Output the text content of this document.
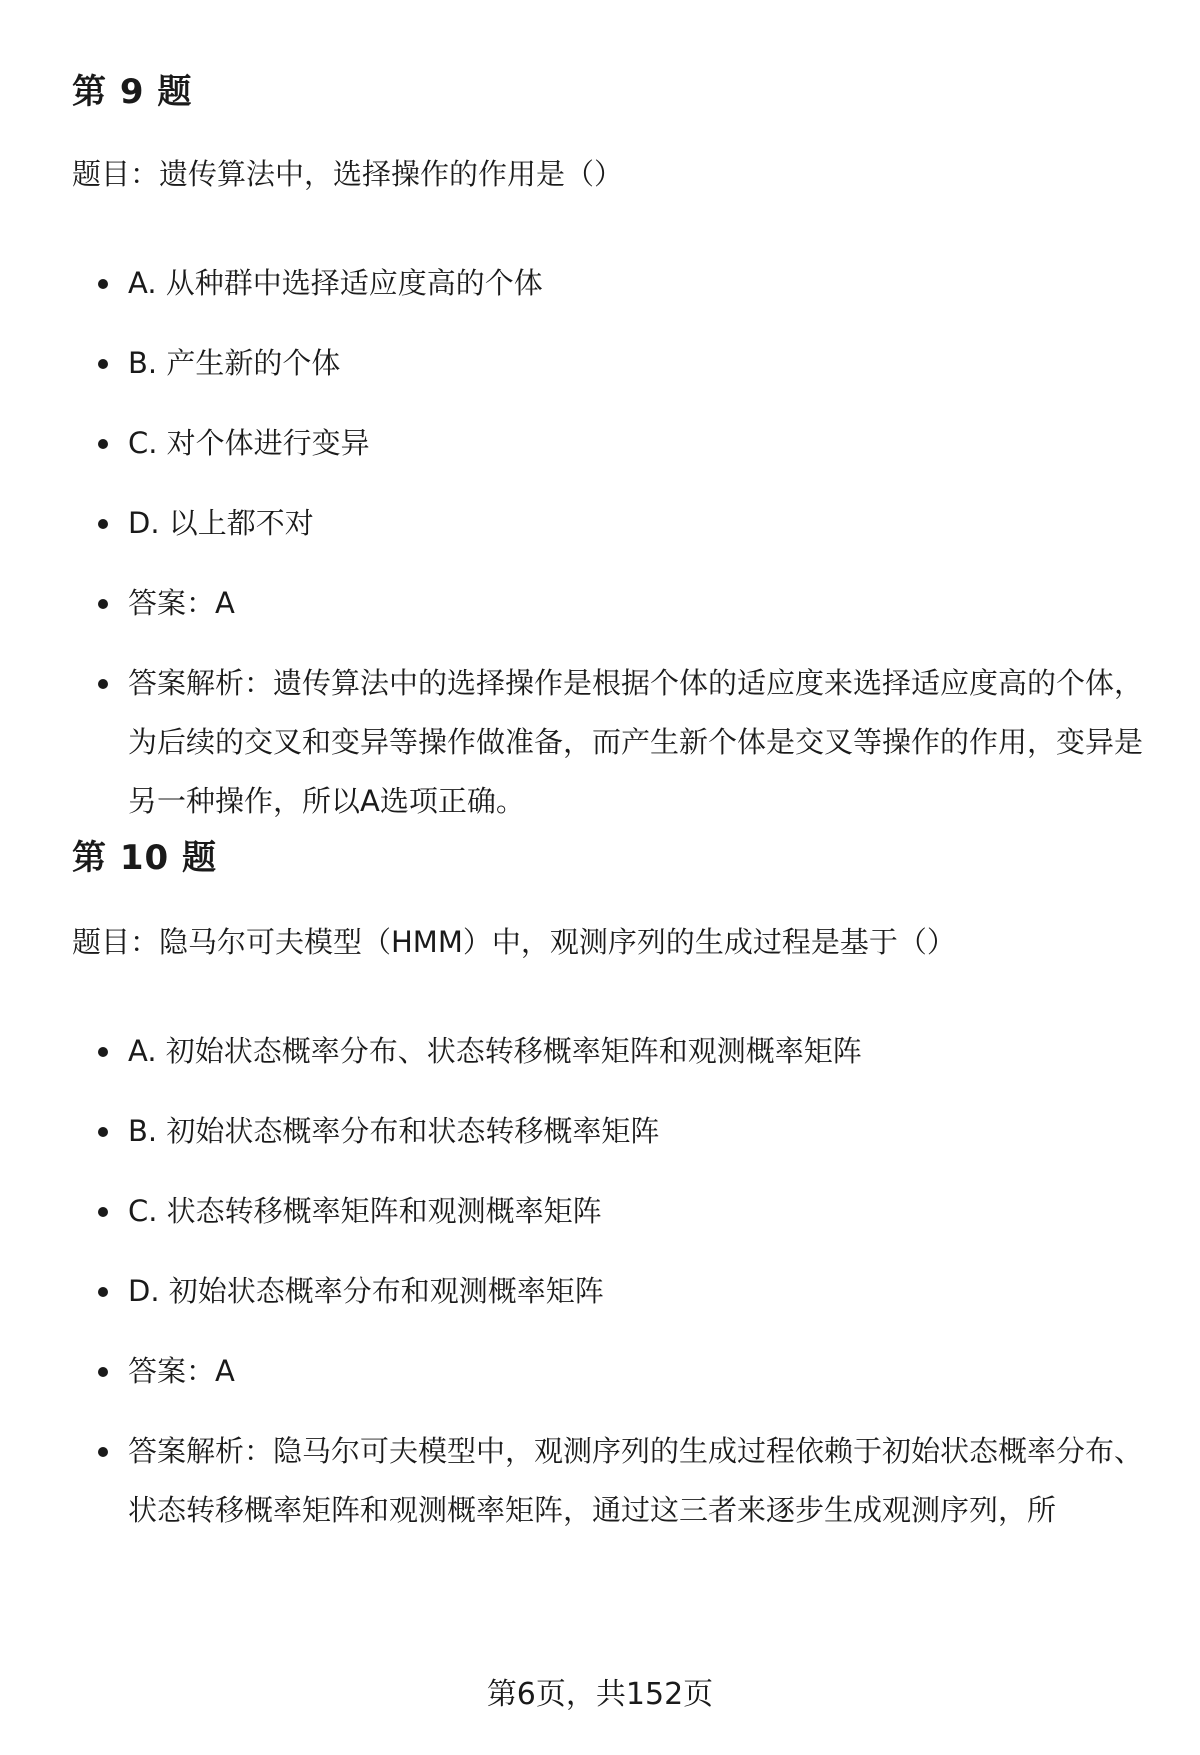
第 9 题
题目：遗传算法中，选择操作的作用是（）
A. 从种群中选择适应度高的个体
B. 产生新的个体
C. 对个体进行变异
D. 以上都不对
答案：A
答案解析：遗传算法中的选择操作是根据个体的适应度来选择适应度高的个体，为后续的交叉和变异等操作做准备，而产生新个体是交叉等操作的作用，变异是另一种操作，所以A选项正确。
第 10 题
题目：隐马尔可夫模型（HMM）中，观测序列的生成过程是基于（）
A. 初始状态概率分布、状态转移概率矩阵和观测概率矩阵
B. 初始状态概率分布和状态转移概率矩阵
C. 状态转移概率矩阵和观测概率矩阵
D. 初始状态概率分布和观测概率矩阵
答案：A
答案解析：隐马尔可夫模型中，观测序列的生成过程依赖于初始状态概率分布、状态转移概率矩阵和观测概率矩阵，通过这三者来逐步生成观测序列，所
第6页，共152页
